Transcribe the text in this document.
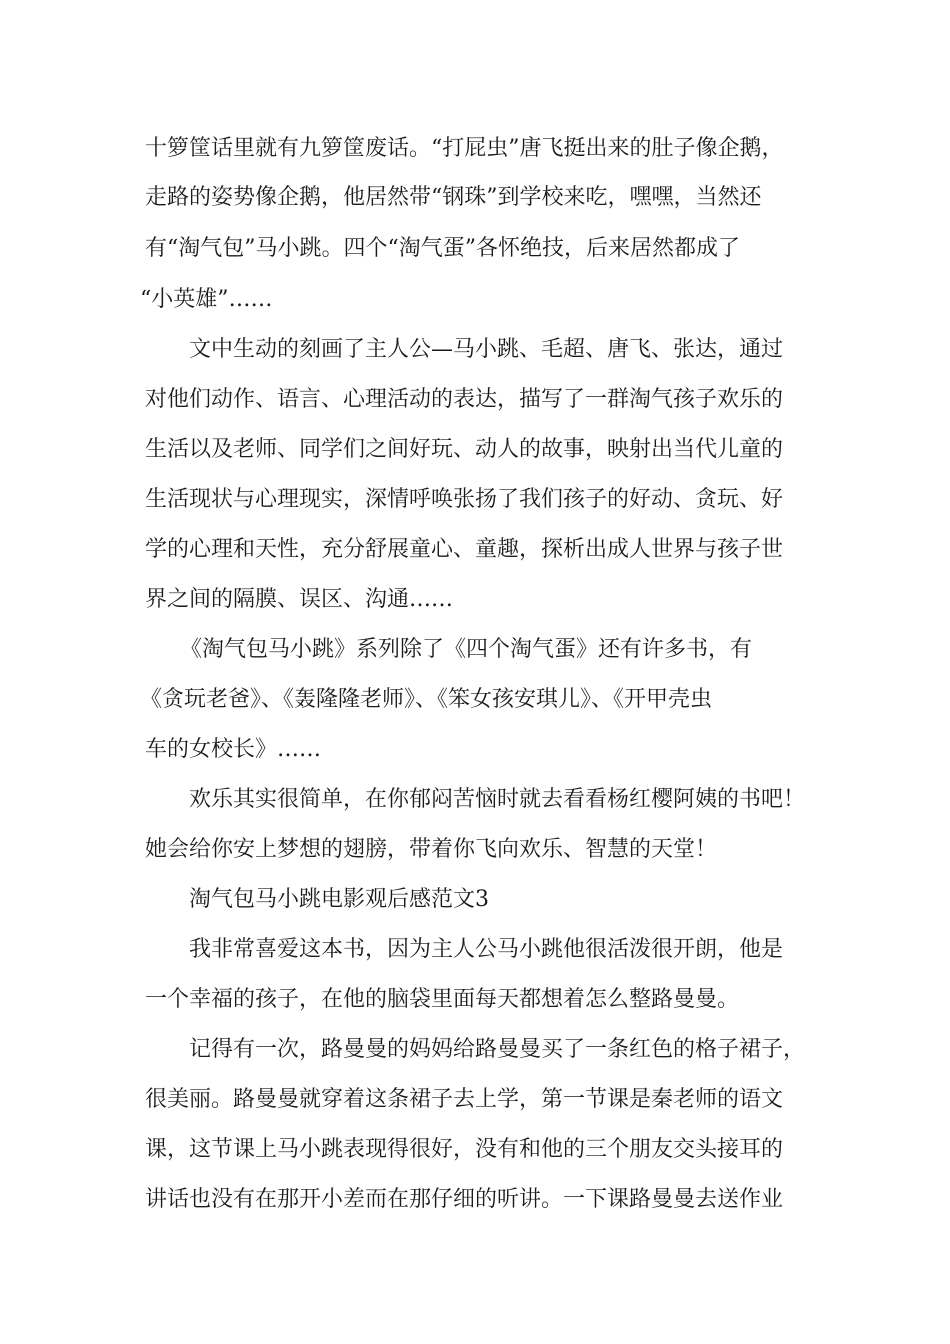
十箩筐话里就有九箩筐废话。“打屁虫”唐飞挺出来的肚子像企鹅，
走路的姿势像企鹅，他居然带“钢珠”到学校来吃，嘿嘿，当然还
有“淘气包”马小跳。四个“淘气蛋”各怀绝技，后来居然都成了
“小英雄”……
文中生动的刻画了主人公—马小跳、毛超、唐飞、张达，通过
对他们动作、语言、心理活动的表达，描写了一群淘气孩子欢乐的
生活以及老师、同学们之间好玩、动人的故事，映射出当代儿童的
生活现状与心理现实，深情呼唤张扬了我们孩子的好动、贪玩、好
学的心理和天性，充分舒展童心、童趣，探析出成人世界与孩子世
界之间的隔膜、误区、沟通……
《淘气包马小跳》系列除了《四个淘气蛋》还有许多书，有
《贪玩老爸》、《轰隆隆老师》、《笨女孩安琪儿》、《开甲壳虫
车的女校长》……
欢乐其实很简单，在你郁闷苦恼时就去看看杨红樱阿姨的书吧！
她会给你安上梦想的翅膀，带着你飞向欢乐、智慧的天堂！
淘气包马小跳电影观后感范文3
我非常喜爱这本书，因为主人公马小跳他很活泼很开朗，他是
一个幸福的孩子，在他的脑袋里面每天都想着怎么整路曼曼。
记得有一次，路曼曼的妈妈给路曼曼买了一条红色的格子裙子，
很美丽。路曼曼就穿着这条裙子去上学，第一节课是秦老师的语文
课，这节课上马小跳表现得很好，没有和他的三个朋友交头接耳的
讲话也没有在那开小差而在那仔细的听讲。一下课路曼曼去送作业
